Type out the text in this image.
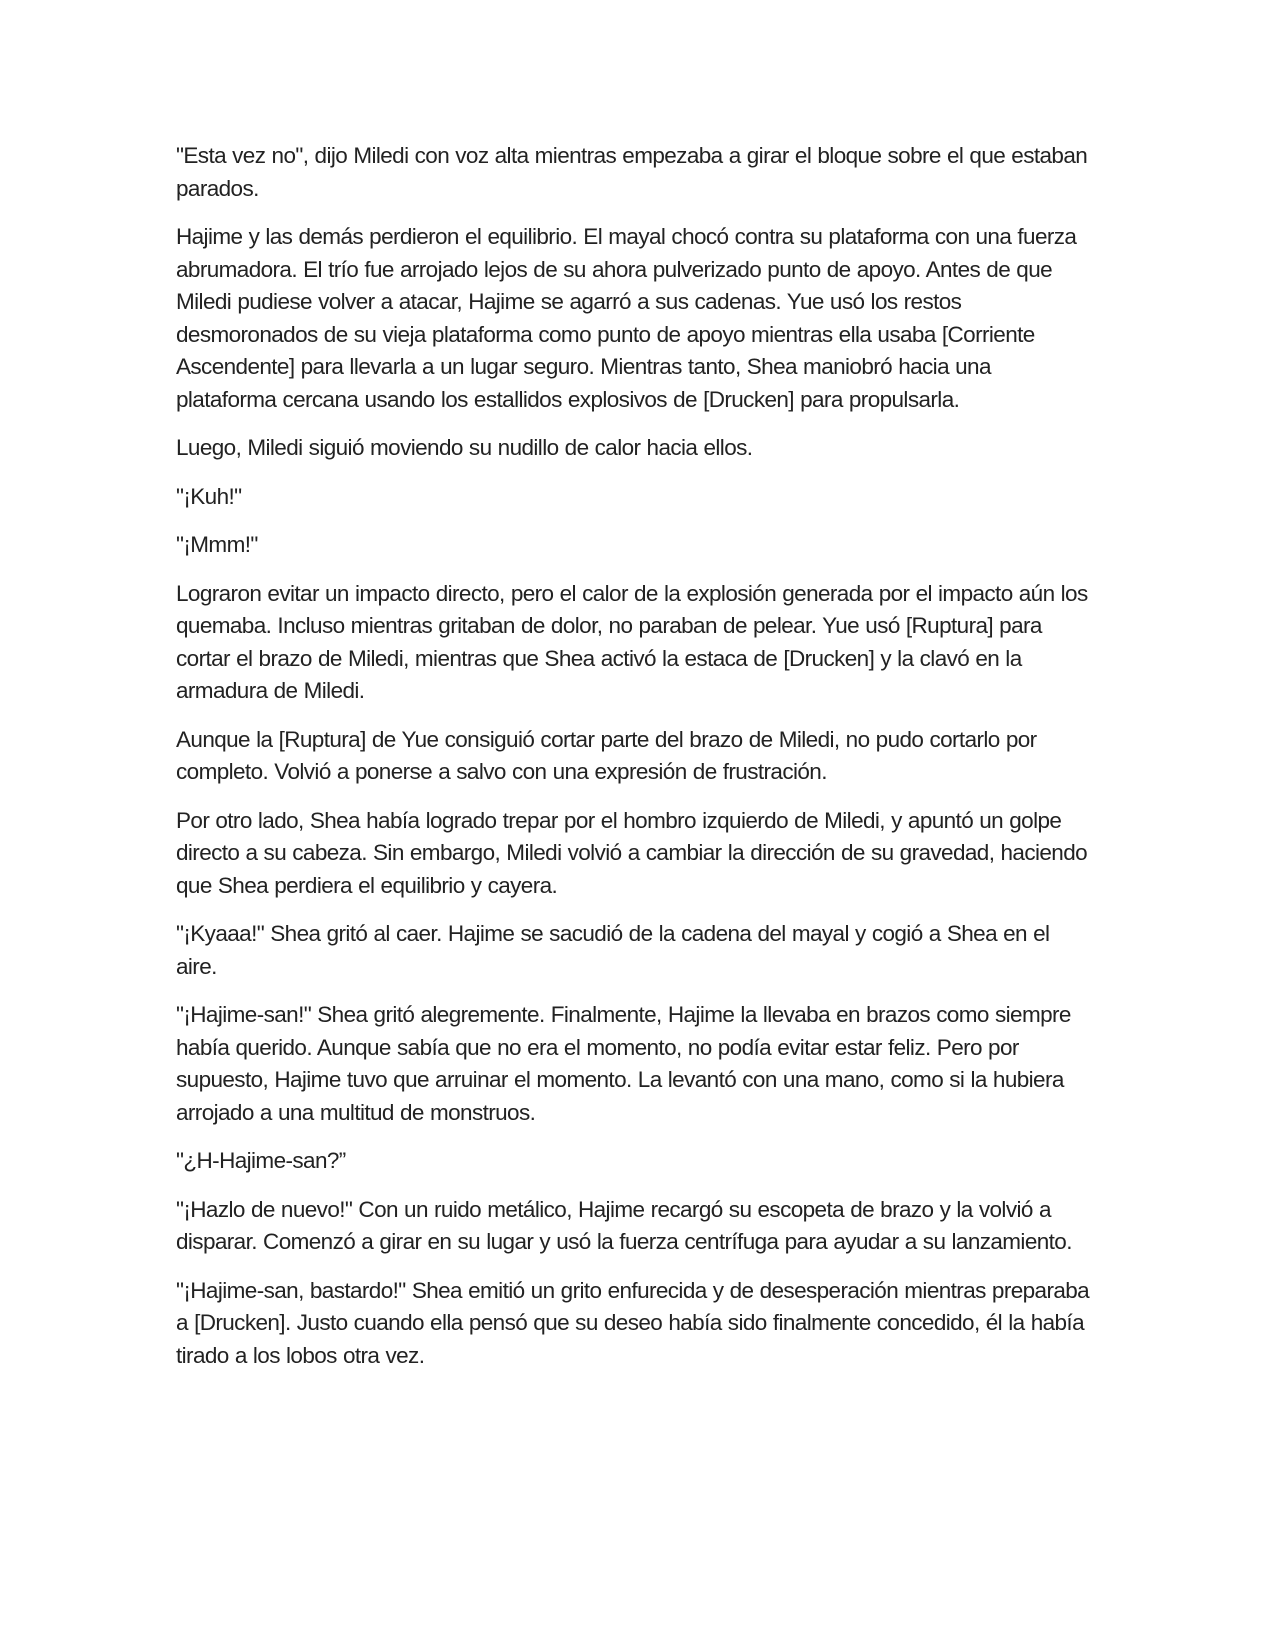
"Esta vez no", dijo Miledi con voz alta mientras empezaba a girar el bloque sobre el que estaban parados.

Hajime y las demás perdieron el equilibrio. El mayal chocó contra su plataforma con una fuerza abrumadora. El trío fue arrojado lejos de su ahora pulverizado punto de apoyo. Antes de que Miledi pudiese volver a atacar, Hajime se agarró a sus cadenas. Yue usó los restos desmoronados de su vieja plataforma como punto de apoyo mientras ella usaba [Corriente Ascendente] para llevarla a un lugar seguro. Mientras tanto, Shea maniobró hacia una plataforma cercana usando los estallidos explosivos de [Drucken] para propulsarla.

Luego, Miledi siguió moviendo su nudillo de calor hacia ellos.

"¡Kuh!"

"¡Mmm!"

Lograron evitar un impacto directo, pero el calor de la explosión generada por el impacto aún los quemaba. Incluso mientras gritaban de dolor, no paraban de pelear. Yue usó [Ruptura] para cortar el brazo de Miledi, mientras que Shea activó la estaca de [Drucken] y la clavó en la armadura de Miledi.

Aunque la [Ruptura] de Yue consiguió cortar parte del brazo de Miledi, no pudo cortarlo por completo. Volvió a ponerse a salvo con una expresión de frustración.

Por otro lado, Shea había logrado trepar por el hombro izquierdo de Miledi, y apuntó un golpe directo a su cabeza. Sin embargo, Miledi volvió a cambiar la dirección de su gravedad, haciendo que Shea perdiera el equilibrio y cayera.

"¡Kyaaa!" Shea gritó al caer. Hajime se sacudió de la cadena del mayal y cogió a Shea en el aire.

"¡Hajime-san!" Shea gritó alegremente. Finalmente, Hajime la llevaba en brazos como siempre había querido. Aunque sabía que no era el momento, no podía evitar estar feliz. Pero por supuesto, Hajime tuvo que arruinar el momento. La levantó con una mano, como si la hubiera arrojado a una multitud de monstruos.

"¿H-Hajime-san?”

"¡Hazlo de nuevo!" Con un ruido metálico, Hajime recargó su escopeta de brazo y la volvió a disparar. Comenzó a girar en su lugar y usó la fuerza centrífuga para ayudar a su lanzamiento.

"¡Hajime-san, bastardo!" Shea emitió un grito enfurecida y de desesperación mientras preparaba a [Drucken]. Justo cuando ella pensó que su deseo había sido finalmente concedido, él la había tirado a los lobos otra vez.
